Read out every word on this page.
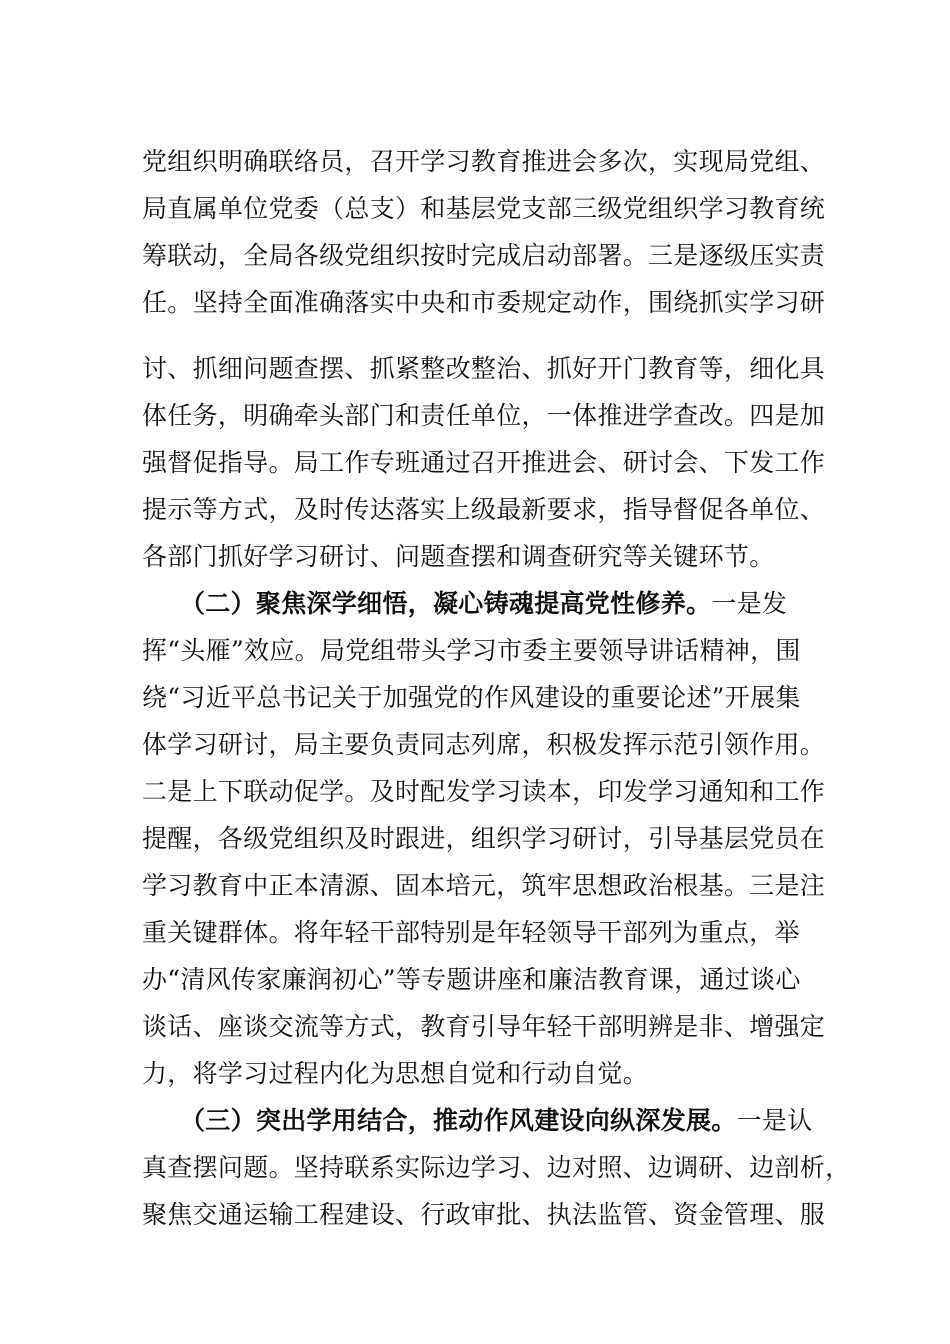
党组织明确联络员，召开学习教育推进会多次，实现局党组、
局直属单位党委（总支）和基层党支部三级党组织学习教育统
筹联动，全局各级党组织按时完成启动部署。三是逐级压实责
任。坚持全面准确落实中央和市委规定动作，围绕抓实学习研
讨、抓细问题查摆、抓紧整改整治、抓好开门教育等，细化具
体任务，明确牵头部门和责任单位，一体推进学查改。四是加
强督促指导。局工作专班通过召开推进会、研讨会、下发工作
提示等方式，及时传达落实上级最新要求，指导督促各单位、
各部门抓好学习研讨、问题查摆和调查研究等关键环节。
（二）聚焦深学细悟，凝心铸魂提高党性修养。一是发
挥“头雁”效应。局党组带头学习市委主要领导讲话精神，围
绕“习近平总书记关于加强党的作风建设的重要论述”开展集
体学习研讨，局主要负责同志列席，积极发挥示范引领作用。
二是上下联动促学。及时配发学习读本，印发学习通知和工作
提醒，各级党组织及时跟进，组织学习研讨，引导基层党员在
学习教育中正本清源、固本培元，筑牢思想政治根基。三是注
重关键群体。将年轻干部特别是年轻领导干部列为重点，举
办“清风传家廉润初心”等专题讲座和廉洁教育课，通过谈心
谈话、座谈交流等方式，教育引导年轻干部明辨是非、增强定
力，将学习过程内化为思想自觉和行动自觉。
（三）突出学用结合，推动作风建设向纵深发展。一是认
真查摆问题。坚持联系实际边学习、边对照、边调研、边剖析，
聚焦交通运输工程建设、行政审批、执法监管、资金管理、服
